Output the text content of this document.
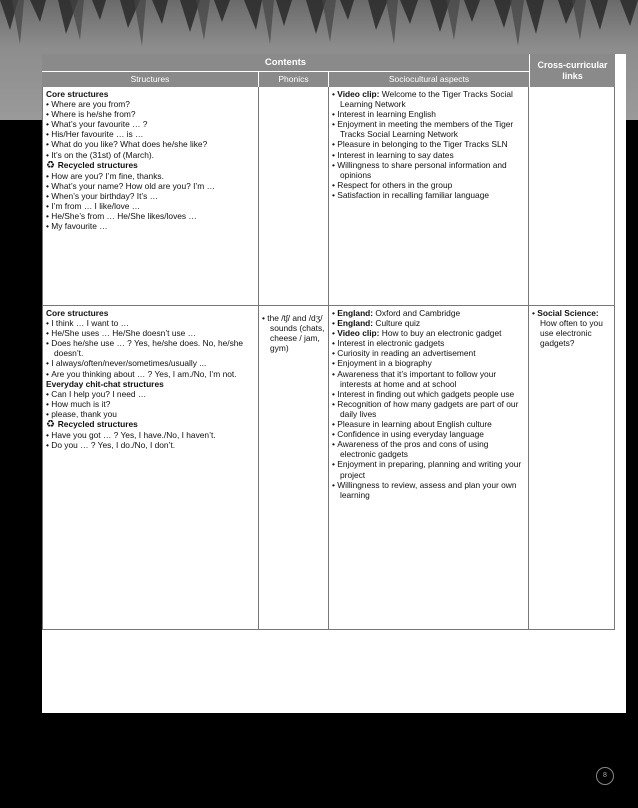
Contents
Structures	Phonics	Sociocultural aspects
Cross-curricular links
Core structures
• Where are you from?
• Where is he/she from?
• What’s your favourite … ?
• His/Her favourite … is …
• What do you like? What does he/she like?
• It’s on the (31st) of (March).
♻ Recycled structures
• How are you? I’m fine, thanks.
• What’s your name? How old are you? I’m …
• When’s your birthday? It’s …
• I’m from … I like/love …
• He/She’s from … He/She likes/loves …
• My favourite …
• Video clip: Welcome to the Tiger Tracks Social Learning Network
• Interest in learning English
• Enjoyment in meeting the members of the Tiger Tracks Social Learning Network
• Pleasure in belonging to the Tiger Tracks SLN
• Interest in learning to say dates
• Willingness to share personal information and opinions
• Respect for others in the group
• Satisfaction in recalling familiar language
Core structures
• I think … I want to …
• He/She uses … He/She doesn’t use …
• Does he/she use … ? Yes, he/she does. No, he/she doesn’t.
• I always/often/never/sometimes/usually ...
• Are you thinking about … ? Yes, I am./No, I’m not.
Everyday chit-chat structures
• Can I help you? I need …
• How much is it?
• please, thank you
♻ Recycled structures
• Have you got … ? Yes, I have./No, I haven’t.
• Do you … ? Yes, I do./No, I don’t.
• the /tʃ/ and /dʒ/ sounds (chats, cheese / jam, gym)
• England: Oxford and Cambridge
• England: Culture quiz
• Video clip: How to buy an electronic gadget
• Interest in electronic gadgets
• Curiosity in reading an advertisement
• Enjoyment in a biography
• Awareness that it’s important to follow your interests at home and at school
• Interest in finding out which gadgets people use
• Recognition of how many gadgets are part of our daily lives
• Pleasure in learning about English culture
• Confidence in using everyday language
• Awareness of the pros and cons of using electronic gadgets
• Enjoyment in preparing, planning and writing your project
• Willingness to review, assess and plan your own learning
• Social Science: How often to you use electronic gadgets?
8
